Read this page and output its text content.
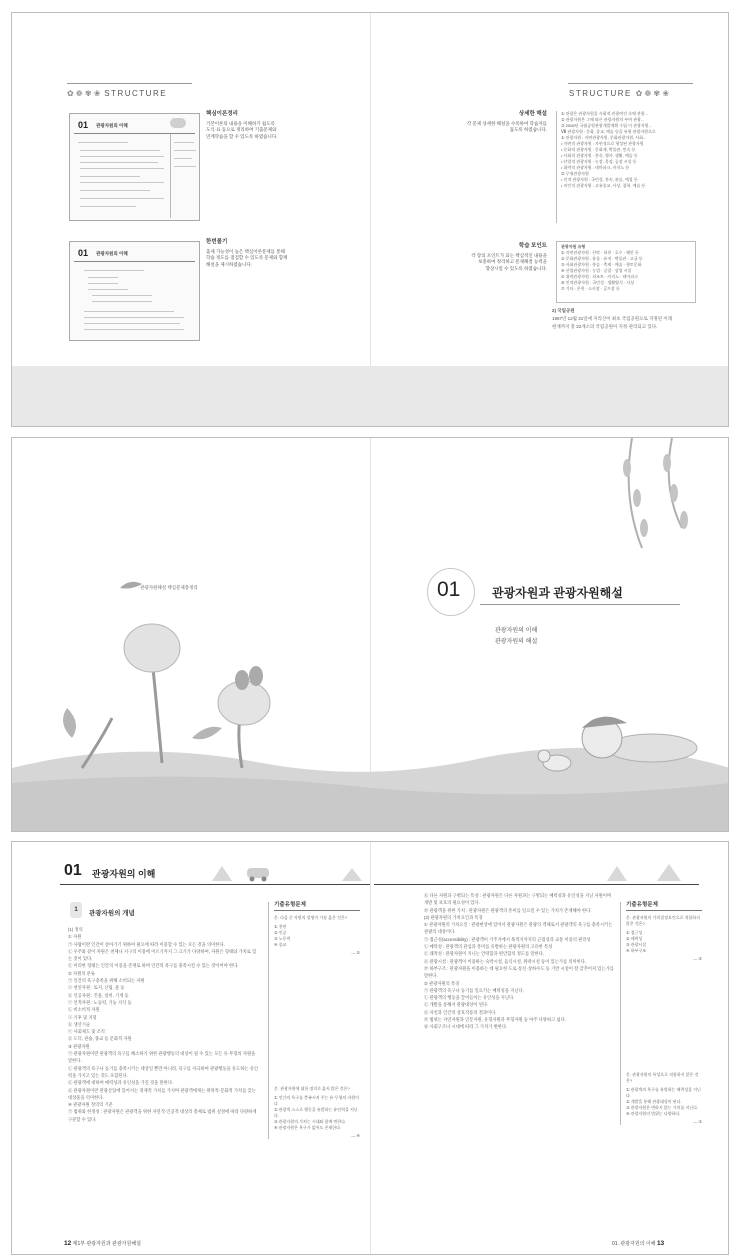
✿ ❁ ✾ ❀ STRUCTURE	STRUCTURE ✿ ❁ ✾ ❀
01 관광자원의 이해
핵심이론정리
기본이론의 내용을 이해하기 쉽도록
도식·표 등으로 정리하여 기출문제와
연계학습을 할 수 있도록 하였습니다.
01 관광자원의 이해
한번볼기
출제 가능성이 높은 핵심이론문제를 통해
학습 정도를 점검할 수 있도록 문제와 함께
해설을 제시하였습니다.
상세한 해설
각 문제 상세한 해설을 수록하여 학습자를
돕도록 하였습니다.
① 관광은 관광자원을 사회적 관광여건 속에 관광...
② 관광자원은 그에 따른 관광자원의 부여 관광...
③ 2008년 국립공원관광개발계획 수립 이 관광자원...
Ⅷ 관광자원 : 문화, 종교, 예술 등을 유형 관광자원으로
① 관광자원 : 자연관광자원, 문화관광자원, 사회...
• 자연적 관광자원 : 자연적으로 형성된 관광자원
• 문화적 관광자원 : 문화재, 박물관, 민속 등
• 사회적 관광자원 : 풍속, 행사, 생활, 예술 등
• 산업적 관광자원 : 농장, 목장, 공장 시설 등
• 위락적 관광자원 : 테마파크, 카지노 등
② 무형관광자원
• 인적 관광자원 : 국민성, 풍속, 관습, 예절 등
• 비인적 관광자원 : 고유종교, 사상, 철학, 예술 등
학습 포인트
각 장의 포인트가 되는 핵심적인 내용을
보충하여 정리하고 문제해결 능력을
향상시킬 수 있도록 하였습니다.
관광자원 유형
① 자연관광자원 : 산악 · 하천 · 호수 · 해안 등
② 문화관광자원 : 유물 · 유적 · 박물관 · 고궁 등
③ 사회관광자원 : 풍습 · 축제 · 예술 · 향토문화
④ 산업관광자원 : 농업 · 공업 · 상업 시설
⑤ 위락관광자원 : 리조트 · 카지노 · 테마파크
⑥ 인적관광자원 : 국민성 · 생활양식 · 사상
⑦ 기타 : 온천 · 스키장 · 골프장 등
2) 국립공원
1967년 12월 31일에 지리산이 최초 국립공원으로 지정된 이래
현재까지 총 22개소의 국립공원이 지정·관리되고 있다.
관광자원해설 핵심문제총정리	01	관광자원과 관광자원해설
관광자원의 이해
관광자원의 해설
01 관광자원의 이해
1	관광자원의 개념
(1) 정의
① 자원
㉠ 사람이란 인간이 살아가기 위하여 필요에 따라 이용할 수 있는 모든 것을 의미한다.
㉡ 우주와 같이 자원은 천체나 지구의 이용에 이르기까지 그 크기가 다양하여, 자원은 형태와 가치로 있는 것이 있다.
㉢ 이러한 형태는 인간의 이용을 존재로 하며 인간의 욕구를 충족시킬 수 있는 것이어야 한다.
② 자원의 분류
㉠ 인간의 욕구충족을 위해 소비되는 자원
ⓐ 천연자원 : 토지, 산림, 물 등
ⓑ 인공자원 : 건물, 설비, 기계 등
ⓒ 인적자원 : 노동력, 기능 지식 등
㉡ 비소비적 자원
ⓐ 기후 및 지형
ⓑ 생산기술
ⓒ 사회제도 및 조직
ⓓ 도덕, 관습, 종교 등 문화적 자원
③ 관광자원
㉠ 관광자원이란 관광객의 욕구를 해소하기 위한 관광행동의 대상이 될 수 있는 모든 유·무형의 자원을 말한다.
㉡ 관광객의 욕구나 동기를 충족시키는 대상일 뿐만 아니라, 욕구를 자극하여 관광행동을 유도하는 유인력을 가지고 있는 것도 포함된다.
㉢ 관광객에 대하여 매력성과 유인성을 가진 것을 말한다.
㉣ 관광자원이란 관광산업에 있어서는 경제적 가치를 가지며 관광객에게는 위락적·문화적 가치를 갖는 대상물을 의미한다.
④ 관광자원 정의의 기준
㉠ 범위와 한정성 : 관광자원은 관광객을 위한 자연적·인공적 대상의 총체로 범위 설정에 따라 다양하게 구분할 수 있다.
기출유형문제
문. 다음 중 자원의 설명이 가장 옳은 것은?
① 천연
② 인공
③ 노동력
④ 종교
— ②
문. 관광자원에 대한 정의로 옳지 않은 것은?
① 인간의 욕구를 충족시켜 주는 유·무형의 자원이다.
② 관광객 스스로 행동을 유발하는 유인력을 지닌다.
③ 관광자원의 가치는 시대와 함께 변한다.
④ 관광자원은 욕구가 없어도 존재한다.
— ④
㉣ 다른 자원과 구별되는 특성 : 관광자원은 다른 자원과는 구별되는 매력성과 유인성을 지닌 자원이며 개발 및 보호의 필요성이 있다.
㉤ 관광객을 위한 가치 : 관광자원은 관광객의 흥미를 일으킬 수 있는 가치가 존재해야 한다.
(2) 관광자원의 가치요인과 특징
① 관광자원의 가치요인 : 관광현상에 있어서 관광자원은 관광의 객체로서 관광객의 욕구를 충족시키는 관광의 대상이다.
㉠ 접근성(accessibility) : 관광객이 거주지에서 목적지까지의 근접성과 교통 이용의 편리성
㉡ 매력성 : 관광객의 관심과 흥미를 유발하는 관광자원의 고유한 특성
㉢ 쾌적성 : 관광자원이 지니는 안락함과 편안함의 정도를 말한다.
㉣ 관광시설 : 관광객이 이용하는 숙박시설, 음식시설, 위락시설 등이 있는가를 의미한다.
㉤ 하부구조 : 관광자원을 이용하는 데 필요한 도로·통신·상하수도 등 기반 시설이 잘 갖추어져 있는가를 말한다.
② 관광자원의 특징
㉠ 관광객의 욕구나 동기를 일으키는 매력성을 지닌다.
㉡ 관광객의 행동을 끌어들이는 유인성을 지닌다.
㉢ 개발을 통해서 관광대상이 된다.
㉣ 자연과 인간의 상호작용의 결과이다.
㉤ 범위는 자연자원과 인문자원, 유형자원과 무형자원 등 아주 다양하고 넓다.
㉥ 사회구조나 시대에 따라 그 가치가 변한다.
기출유형문제
문. 관광자원의 가치결정요인으로 적합하지 않은 것은?
① 접근성
② 매력성
③ 관광시설
④ 하부구조
— ③
문. 관광자원의 특성으로 적합하지 않은 것은?
① 관광객의 욕구를 유발하는 매력성을 지닌다.
② 개발을 통해 관광대상이 된다.
③ 관광자원은 변하지 않는 가치를 지닌다.
④ 관광자원의 범위는 다양하다.
— ③
12 제1부 관광자원과 관광자원해설	01. 관광자원의 이해 13
